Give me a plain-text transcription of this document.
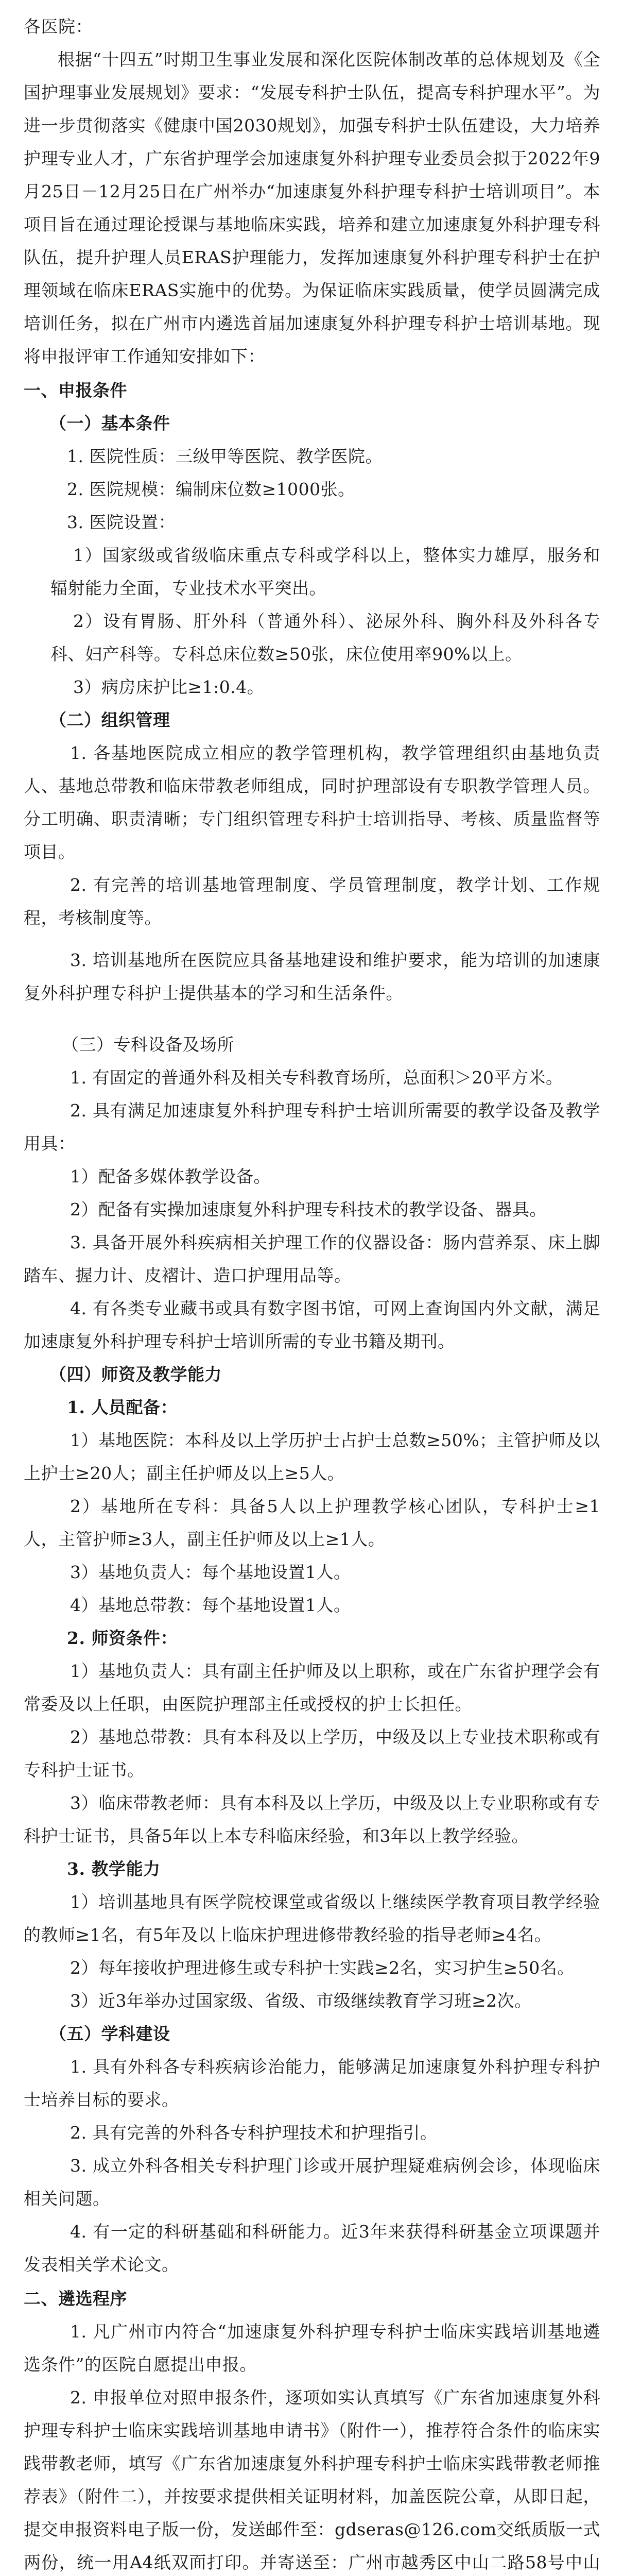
各医院：

根据“十四五”时期卫生事业发展和深化医院体制改革的总体规划及《全国护理事业发展规划》要求：“发展专科护士队伍，提高专科护理水平”。为进一步贯彻落实《健康中国2030规划》，加强专科护士队伍建设，大力培养护理专业人才，广东省护理学会加速康复外科护理专业委员会拟于2022年9月25日－12月25日在广州举办“加速康复外科护理专科护士培训项目”。本项目旨在通过理论授课与基地临床实践，培养和建立加速康复外科护理专科队伍，提升护理人员ERAS护理能力，发挥加速康复外科护理专科护士在护理领域在临床ERAS实施中的优势。为保证临床实践质量，使学员圆满完成培训任务，拟在广州市内遴选首届加速康复外科护理专科护士培训基地。现将申报评审工作通知安排如下：

一、申报条件

（一）基本条件

1. 医院性质：三级甲等医院、教学医院。

2. 医院规模：编制床位数≥1000张。

3. 医院设置：

1）国家级或省级临床重点专科或学科以上，整体实力雄厚，服务和辐射能力全面，专业技术水平突出。

2）设有胃肠、肝外科（普通外科）、泌尿外科、胸外科及外科各专科、妇产科等。专科总床位数≥50张，床位使用率90%以上。

3）病房床护比≥1:0.4。

（二）组织管理

1. 各基地医院成立相应的教学管理机构，教学管理组织由基地负责人、基地总带教和临床带教老师组成，同时护理部设有专职教学管理人员。分工明确、职责清晰；专门组织管理专科护士培训指导、考核、质量监督等项目。

2. 有完善的培训基地管理制度、学员管理制度，教学计划、工作规程，考核制度等。

3. 培训基地所在医院应具备基地建设和维护要求，能为培训的加速康复外科护理专科护士提供基本的学习和生活条件。

（三）专科设备及场所

1. 有固定的普通外科及相关专科教育场所，总面积＞20平方米。

2. 具有满足加速康复外科护理专科护士培训所需要的教学设备及教学用具：

1）配备多媒体教学设备。

2）配备有实操加速康复外科护理专科技术的教学设备、器具。

3. 具备开展外科疾病相关护理工作的仪器设备：肠内营养泵、床上脚踏车、握力计、皮褶计、造口护理用品等。

4. 有各类专业藏书或具有数字图书馆，可网上查询国内外文献，满足加速康复外科护理专科护士培训所需的专业书籍及期刊。

（四）师资及教学能力

1. 人员配备：

1）基地医院：本科及以上学历护士占护士总数≥50%；主管护师及以上护士≥20人；副主任护师及以上≥5人。

2）基地所在专科：具备5人以上护理教学核心团队，专科护士≥1人，主管护师≥3人，副主任护师及以上≥1人。

3）基地负责人：每个基地设置1人。

4）基地总带教：每个基地设置1人。

2. 师资条件：

1）基地负责人：具有副主任护师及以上职称，或在广东省护理学会有常委及以上任职，由医院护理部主任或授权的护士长担任。

2）基地总带教：具有本科及以上学历，中级及以上专业技术职称或有专科护士证书。

3）临床带教老师：具有本科及以上学历，中级及以上专业职称或有专科护士证书，具备5年以上本专科临床经验，和3年以上教学经验。

3. 教学能力

1）培训基地具有医学院校课堂或省级以上继续医学教育项目教学经验的教师≥1名，有5年及以上临床护理进修带教经验的指导老师≥4名。

2）每年接收护理进修生或专科护士实践≥2名，实习护生≥50名。

3）近3年举办过国家级、省级、市级继续教育学习班≥2次。

（五）学科建设

1. 具有外科各专科疾病诊治能力，能够满足加速康复外科护理专科护士培养目标的要求。

2. 具有完善的外科各专科护理技术和护理指引。

3. 成立外科各相关专科护理门诊或开展护理疑难病例会诊，体现临床相关问题。

4. 有一定的科研基础和科研能力。近3年来获得科研基金立项课题并发表相关学术论文。

二、遴选程序

1. 凡广州市内符合“加速康复外科护理专科护士临床实践培训基地遴选条件”的医院自愿提出申报。

2. 申报单位对照申报条件，逐项如实认真填写《广东省加速康复外科护理专科护士临床实践培训基地申请书》（附件一），推荐符合条件的临床实践带教老师，填写《广东省加速康复外科护理专科护士临床实践带教老师推荐表》（附件二），并按要求提供相关证明材料，加盖医院公章，从即日起，提交申报资料电子版一份，发送邮件至：gdseras@126.com交纸质版一式两份，统一用A4纸双面打印。并寄送至：广州市越秀区中山二路58号中山
